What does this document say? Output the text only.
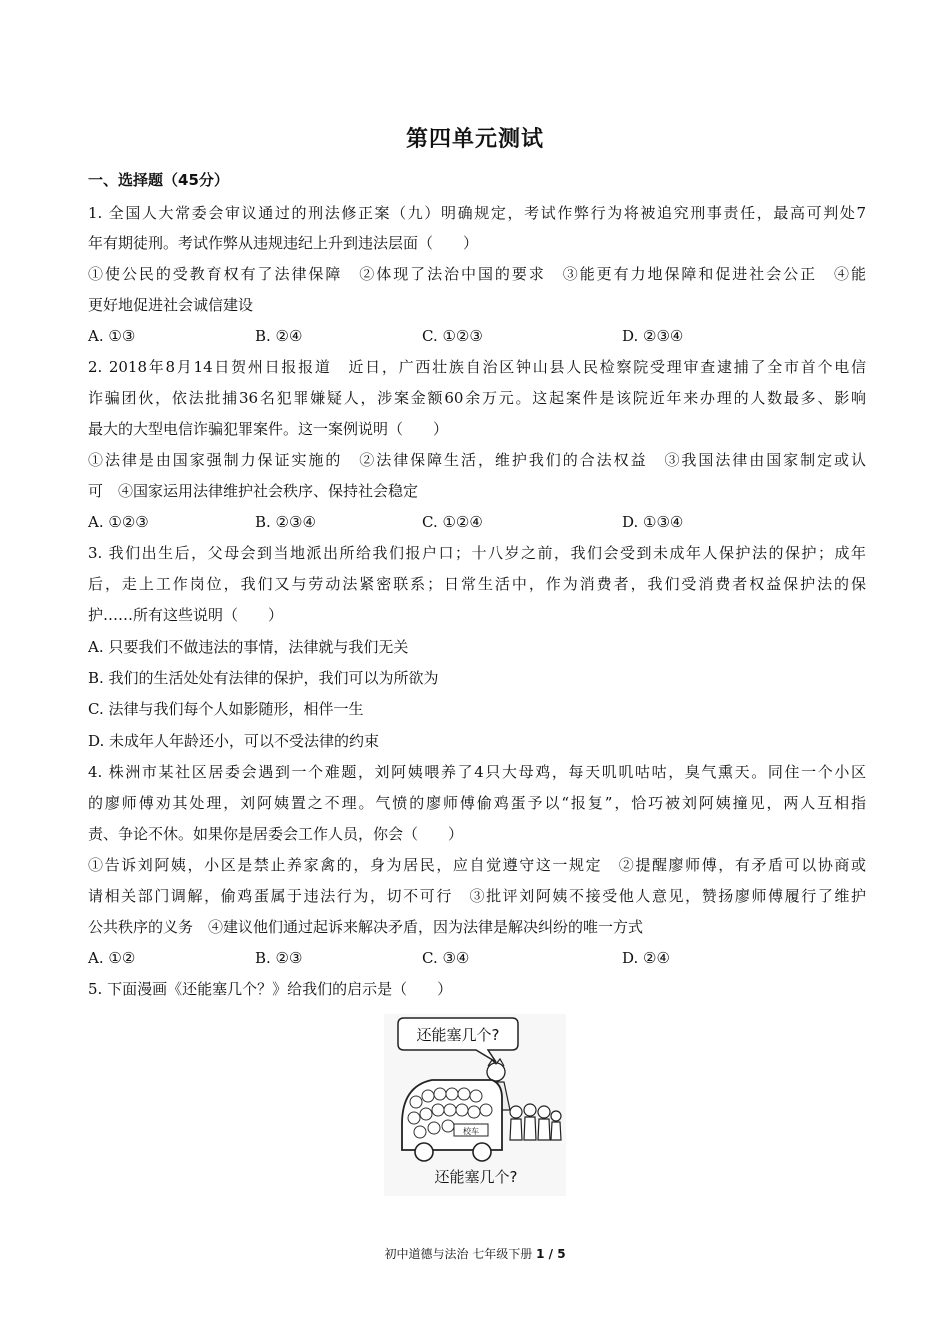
第四单元测试
一、选择题（45分）
1. 全国人大常委会审议通过的刑法修正案（九）明确规定，考试作弊行为将被追究刑事责任，最高可判处7
年有期徒刑。考试作弊从违规违纪上升到违法层面（　　）
①使公民的受教育权有了法律保障　②体现了法治中国的要求　③能更有力地保障和促进社会公正　④能
更好地促进社会诚信建设
A. ①③	B. ②④	C. ①②③	D. ②③④
2. 2018年8月14日贺州日报报道　近日，广西壮族自治区钟山县人民检察院受理审查逮捕了全市首个电信
诈骗团伙，依法批捕36名犯罪嫌疑人，涉案金额60余万元。这起案件是该院近年来办理的人数最多、影响
最大的大型电信诈骗犯罪案件。这一案例说明（　　）
①法律是由国家强制力保证实施的　②法律保障生活，维护我们的合法权益　③我国法律由国家制定或认
可　④国家运用法律维护社会秩序、保持社会稳定
A. ①②③	B. ②③④	C. ①②④	D. ①③④
3. 我们出生后，父母会到当地派出所给我们报户口；十八岁之前，我们会受到未成年人保护法的保护；成年
后，走上工作岗位，我们又与劳动法紧密联系；日常生活中，作为消费者，我们受消费者权益保护法的保
护……所有这些说明（　　）
A. 只要我们不做违法的事情，法律就与我们无关
B. 我们的生活处处有法律的保护，我们可以为所欲为
C. 法律与我们每个人如影随形，相伴一生
D. 未成年人年龄还小，可以不受法律的约束
4. 株洲市某社区居委会遇到一个难题，刘阿姨喂养了4只大母鸡，每天叽叽咕咕，臭气熏天。同住一个小区
的廖师傅劝其处理，刘阿姨置之不理。气愤的廖师傅偷鸡蛋予以“报复”，恰巧被刘阿姨撞见，两人互相指
责、争论不休。如果你是居委会工作人员，你会（　　）
①告诉刘阿姨，小区是禁止养家禽的，身为居民，应自觉遵守这一规定　②提醒廖师傅，有矛盾可以协商或
请相关部门调解，偷鸡蛋属于违法行为，切不可行　③批评刘阿姨不接受他人意见，赞扬廖师傅履行了维护
公共秩序的义务　④建议他们通过起诉来解决矛盾，因为法律是解决纠纷的唯一方式
A. ①②	B. ②③	C. ③④	D. ②④
5. 下面漫画《还能塞几个？》给我们的启示是（　　）
还能塞几个?
校车
还能塞几个?
初中道德与法治 七年级下册 1 / 5
